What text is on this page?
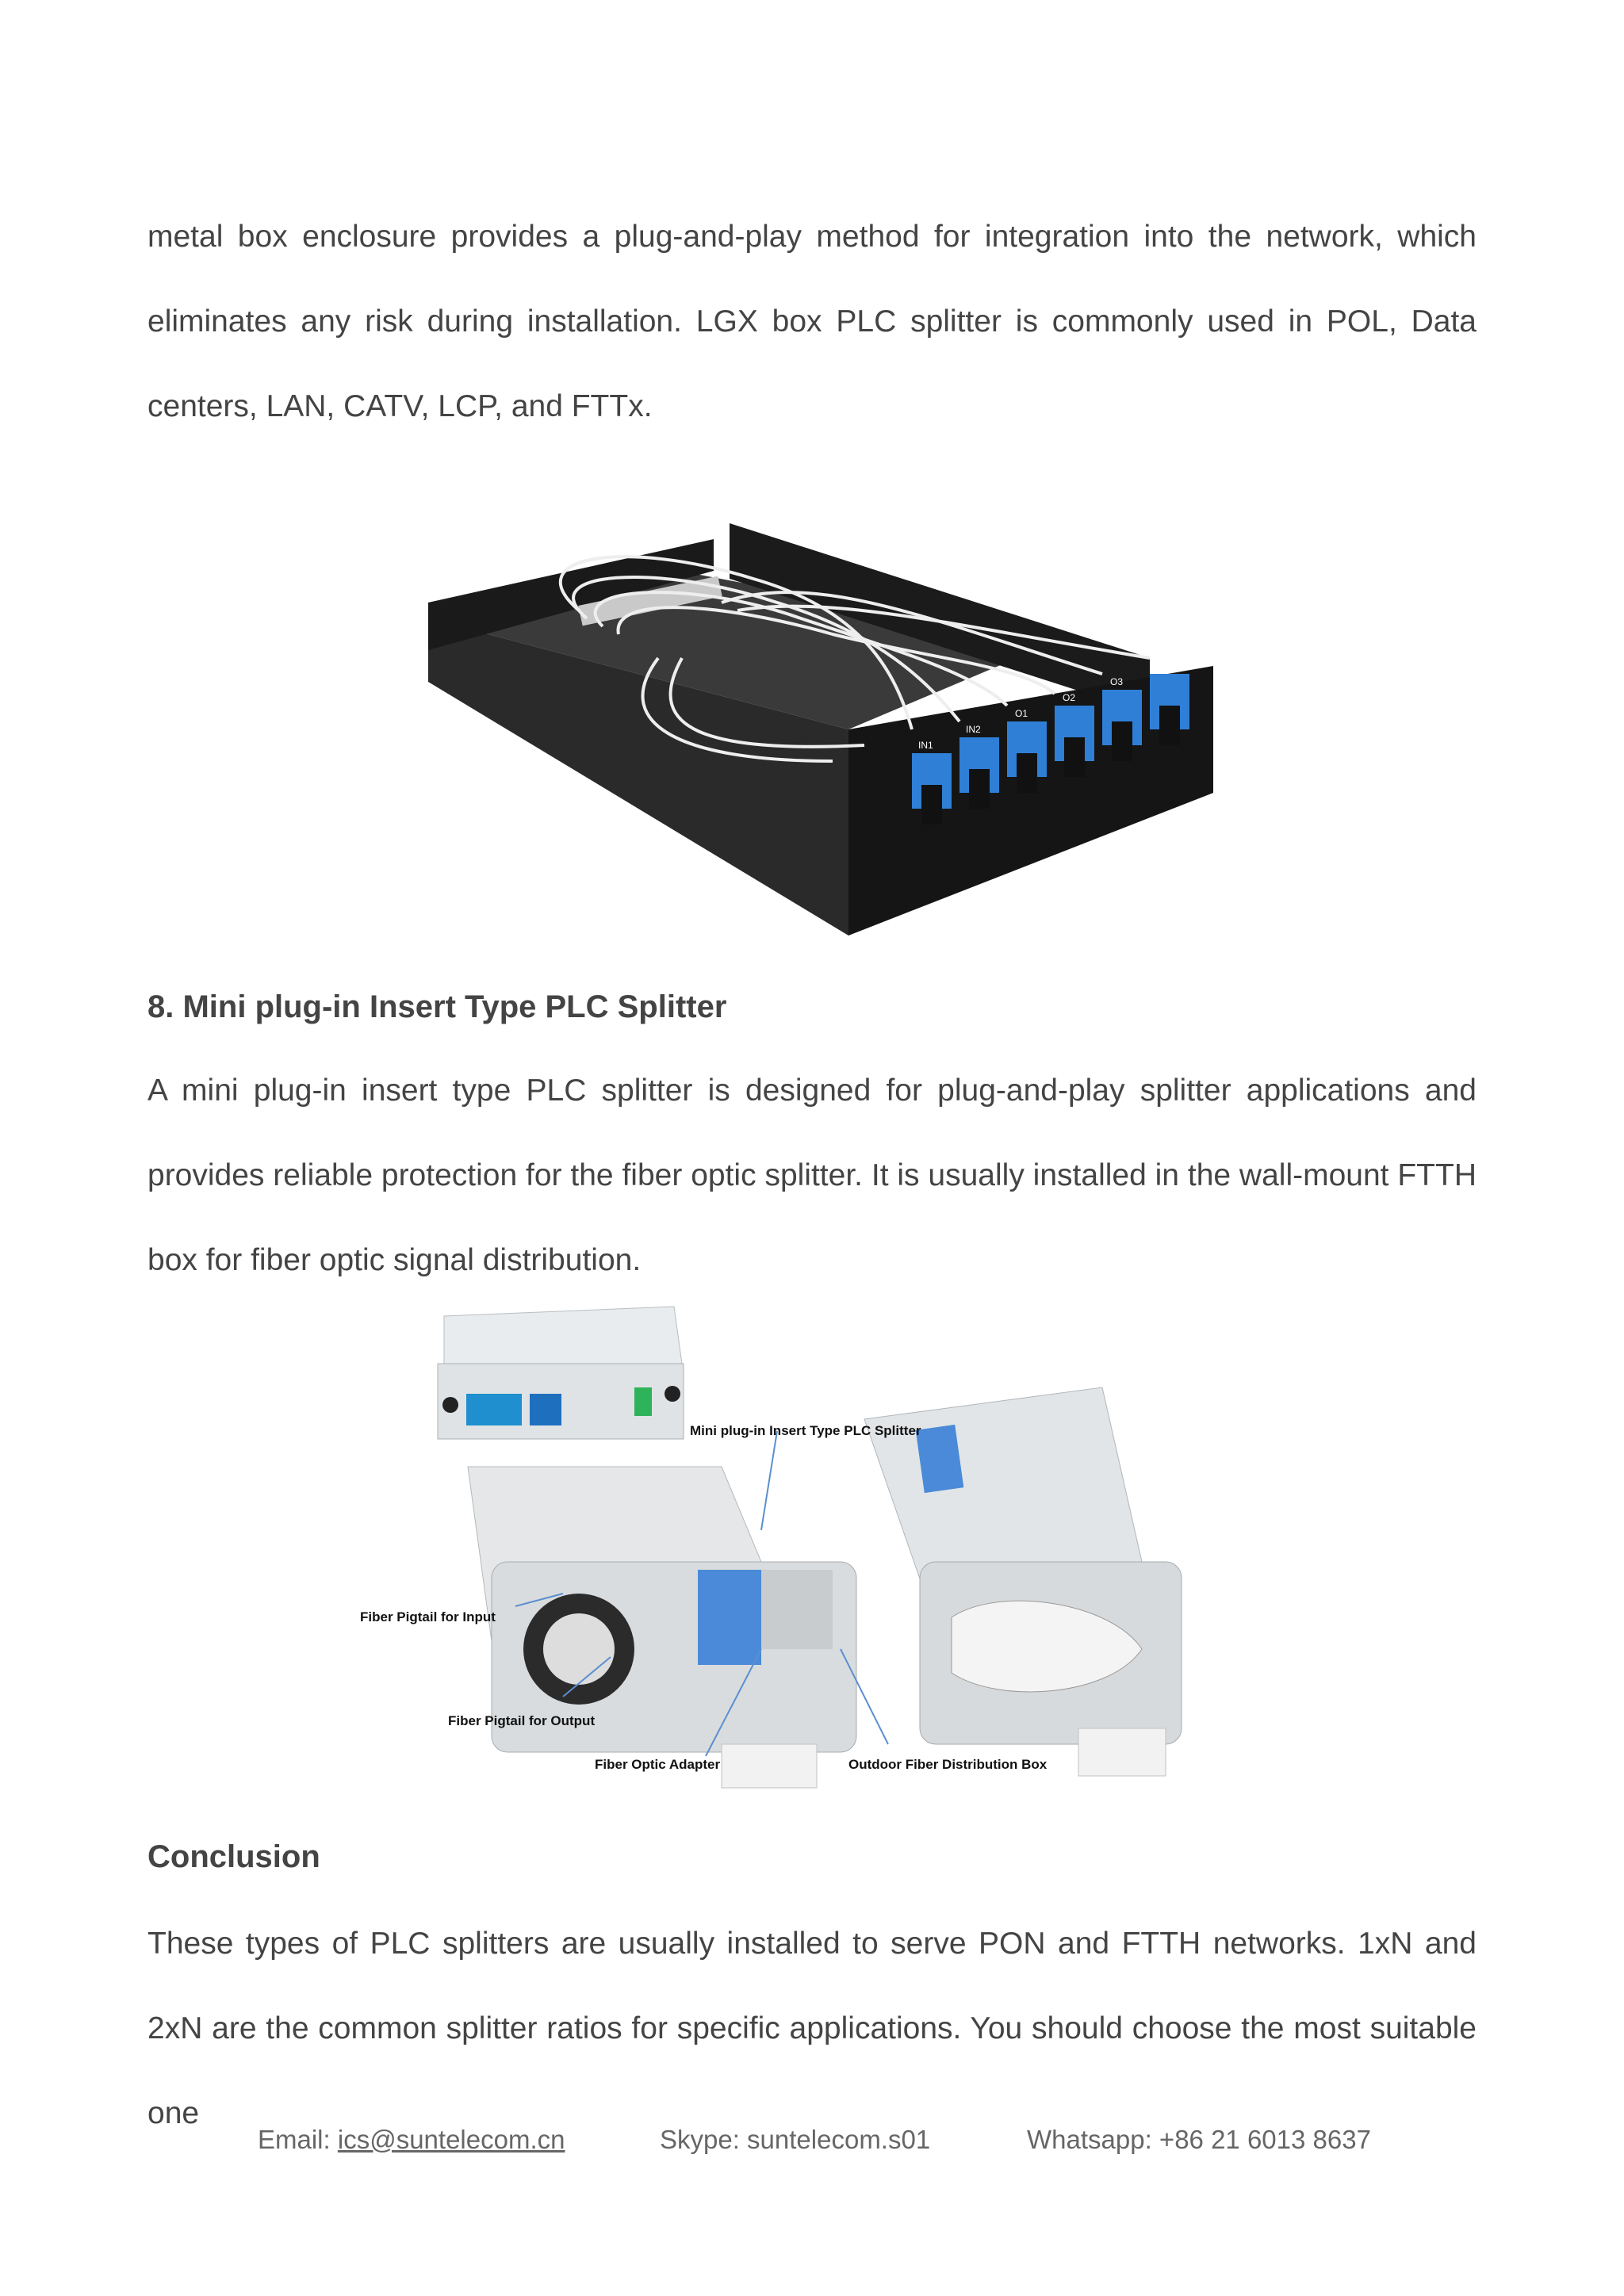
metal box enclosure provides a plug-and-play method for integration into the network, which eliminates any risk during installation. LGX box PLC splitter is commonly used in POL, Data centers, LAN, CATV, LCP, and FTTx.

IN1
IN2
O1
O2
O3
O4
8. Mini plug-in Insert Type PLC Splitter

A mini plug-in insert type PLC splitter is designed for plug-and-play splitter applications and provides reliable protection for the fiber optic splitter. It is usually installed in the wall-mount FTTH box for fiber optic signal distribution.

Mini plug-in Insert Type PLC Splitter
Fiber Pigtail for Input
Fiber Pigtail for Output
Fiber Optic Adapter	Outdoor Fiber Distribution Box
Conclusion

These types of PLC splitters are usually installed to serve PON and FTTH networks. 1xN and 2xN are the common splitter ratios for specific applications. You should choose the most suitable one

Email: ics@suntelecom.cn	Skype: suntelecom.s01	Whatsapp: +86 21 6013 8637
